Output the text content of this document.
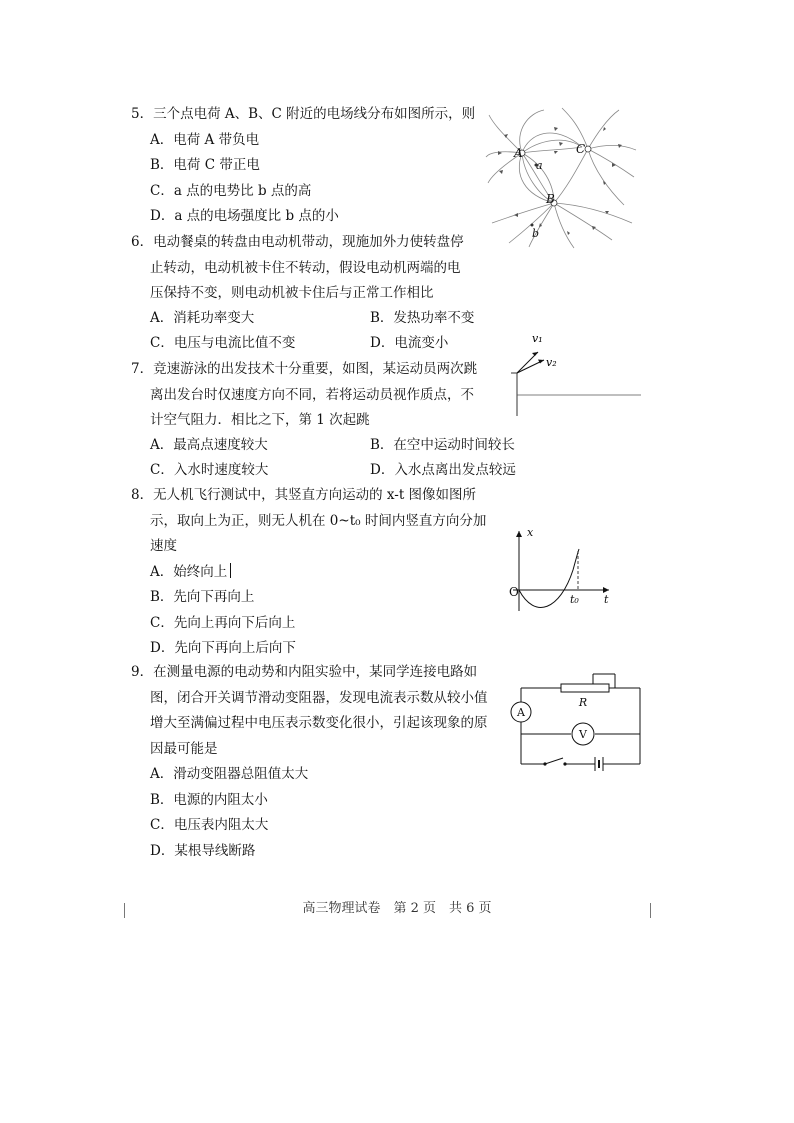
5．三个点电荷 A、B、C 附近的电场线分布如图所示，则
A．电荷 A 带负电
B．电荷 C 带正电
C．a 点的电势比 b 点的高
D．a 点的电场强度比 b 点的小
A	C
B
a
b
6．电动餐桌的转盘由电动机带动，现施加外力使转盘停
止转动，电动机被卡住不转动，假设电动机两端的电
压保持不变，则电动机被卡住后与正常工作相比
A．消耗功率变大	B．发热功率不变
C．电压与电流比值不变	D．电流变小
7．竞速游泳的出发技术十分重要，如图，某运动员两次跳
离出发台时仅速度方向不同，若将运动员视作质点，不
计空气阻力．相比之下，第 1 次起跳
A．最高点速度较大	B．在空中运动时间较长
C．入水时速度较大	D．入水点离出发点较远
v₁
v₂
8．无人机飞行测试中，其竖直方向运动的 x-t 图像如图所
示，取向上为正，则无人机在 0~t₀ 时间内竖直方向分加
速度
A．始终向上
B．先向下再向上
C．先向上再向下后向上
D．先向下再向上后向下
x
O
t₀ t
9．在测量电源的电动势和内阻实验中，某同学连接电路如
图，闭合开关调节滑动变阻器，发现电流表示数从较小值
增大至满偏过程中电压表示数变化很小，引起该现象的原
因最可能是
A．滑动变阻器总阻值太大
B．电源的内阻太小
C．电压表内阻太大
D．某根导线断路
A
V
R
高三物理试卷　第 2 页　共 6 页
